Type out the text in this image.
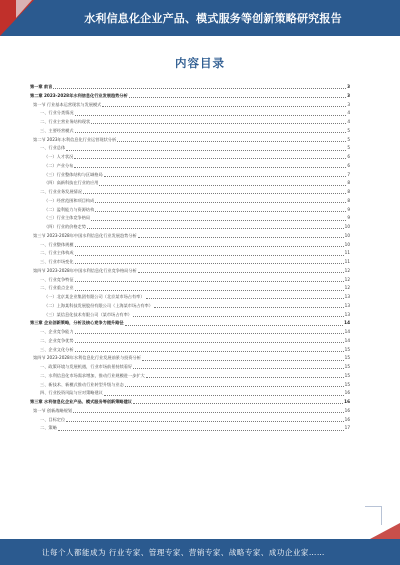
水利信息化企业产品、模式服务等创新策略研究报告
内容目录
第一章 前言	3
第二章 2023-2028年水利信息化行业发展趋势分析	3
第一节 行业基本运营现状与发展模式	3
一、行业分类情况	4
二、行业主营业务结构现状	4
三、主要经营模式	5
第二节 2023年水利信息化行业运营现状分析	5
一、行业总体	5
（一）人才状况	6
（二）产业分布	6
（三）行业整体结构与区域格局	7
（四）高新科技在行业的应用	8
二、行业业务发展情况	8
（一）经营范围和项目构成	8
（二）盈利能力与资源结构	9
（三）行业主体竞争格局	9
（四）行业的价格走势	10
第三节 2023-2028年中国水利信息化行业发展趋势分析	10
一、行业整体规模	10
二、行业主体构成	11
三、行业市场变化	11
第四节 2023-2028年中国水利信息化行业竞争格局分析	12
一、行业竞争特征	12
二、行业重点企业	12
（一）北京某企业集团有限公司（北京某市场占有率）	13
（二）上海某科技发展股份有限公司（上海某市场占有率）	13
（三）某信息化技术有限公司（某市场占有率）	13
第三章 企业创新策略，分析及核心竞争力提升路径	14
一、企业竞争能力	14
二、企业竞争优势	14
三、企业文化分析	15
第四节 2023-2028年水利信息化行业发展前景与投资分析	15
一、政策环境与发展机遇，行业市场前景持续看好	15
二、水利信息化市场需求增加，推动行业规模进一步扩大	15
三、新技术、新模式推动行业转型升级与业态	15
四、行业投资风险与应对策略建议	16
第三章 水利信息化企业产品、模式服务等创新策略建议	16
第一节 创新战略规划	16
一、目标定位	16
二、策略	17
让每个人都能成为 行业专家、管理专家、营销专家、战略专家、成功企业家……
